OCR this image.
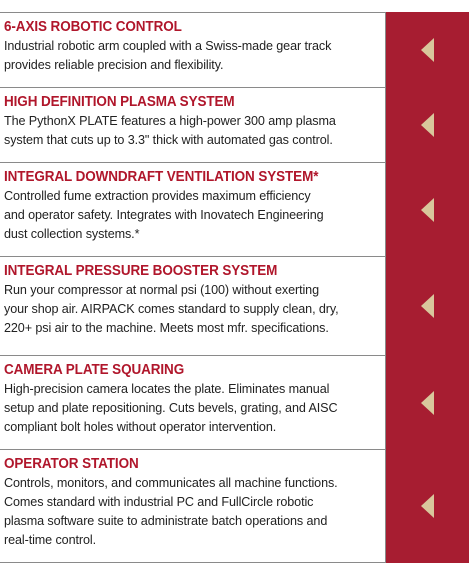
6-AXIS ROBOTIC CONTROL
Industrial robotic arm coupled with a Swiss-made gear track
provides reliable precision and flexibility.
HIGH DEFINITION PLASMA SYSTEM
The PythonX PLATE features a high-power 300 amp plasma
system that cuts up to 3.3" thick with automated gas control.
INTEGRAL DOWNDRAFT VENTILATION SYSTEM*
Controlled fume extraction provides maximum efficiency
and operator safety. Integrates with Inovatech Engineering
dust collection systems.*
INTEGRAL PRESSURE BOOSTER SYSTEM
Run your compressor at normal psi (100) without exerting
your shop air. AIRPACK comes standard to supply clean, dry,
220+ psi air to the machine. Meets most mfr. specifications.
CAMERA PLATE SQUARING
High-precision camera locates the plate. Eliminates manual
setup and plate repositioning. Cuts bevels, grating, and AISC
compliant bolt holes without operator intervention.
OPERATOR STATION
Controls, monitors, and communicates all machine functions.
Comes standard with industrial PC and FullCircle robotic
plasma software suite to administrate batch operations and
real-time control.
